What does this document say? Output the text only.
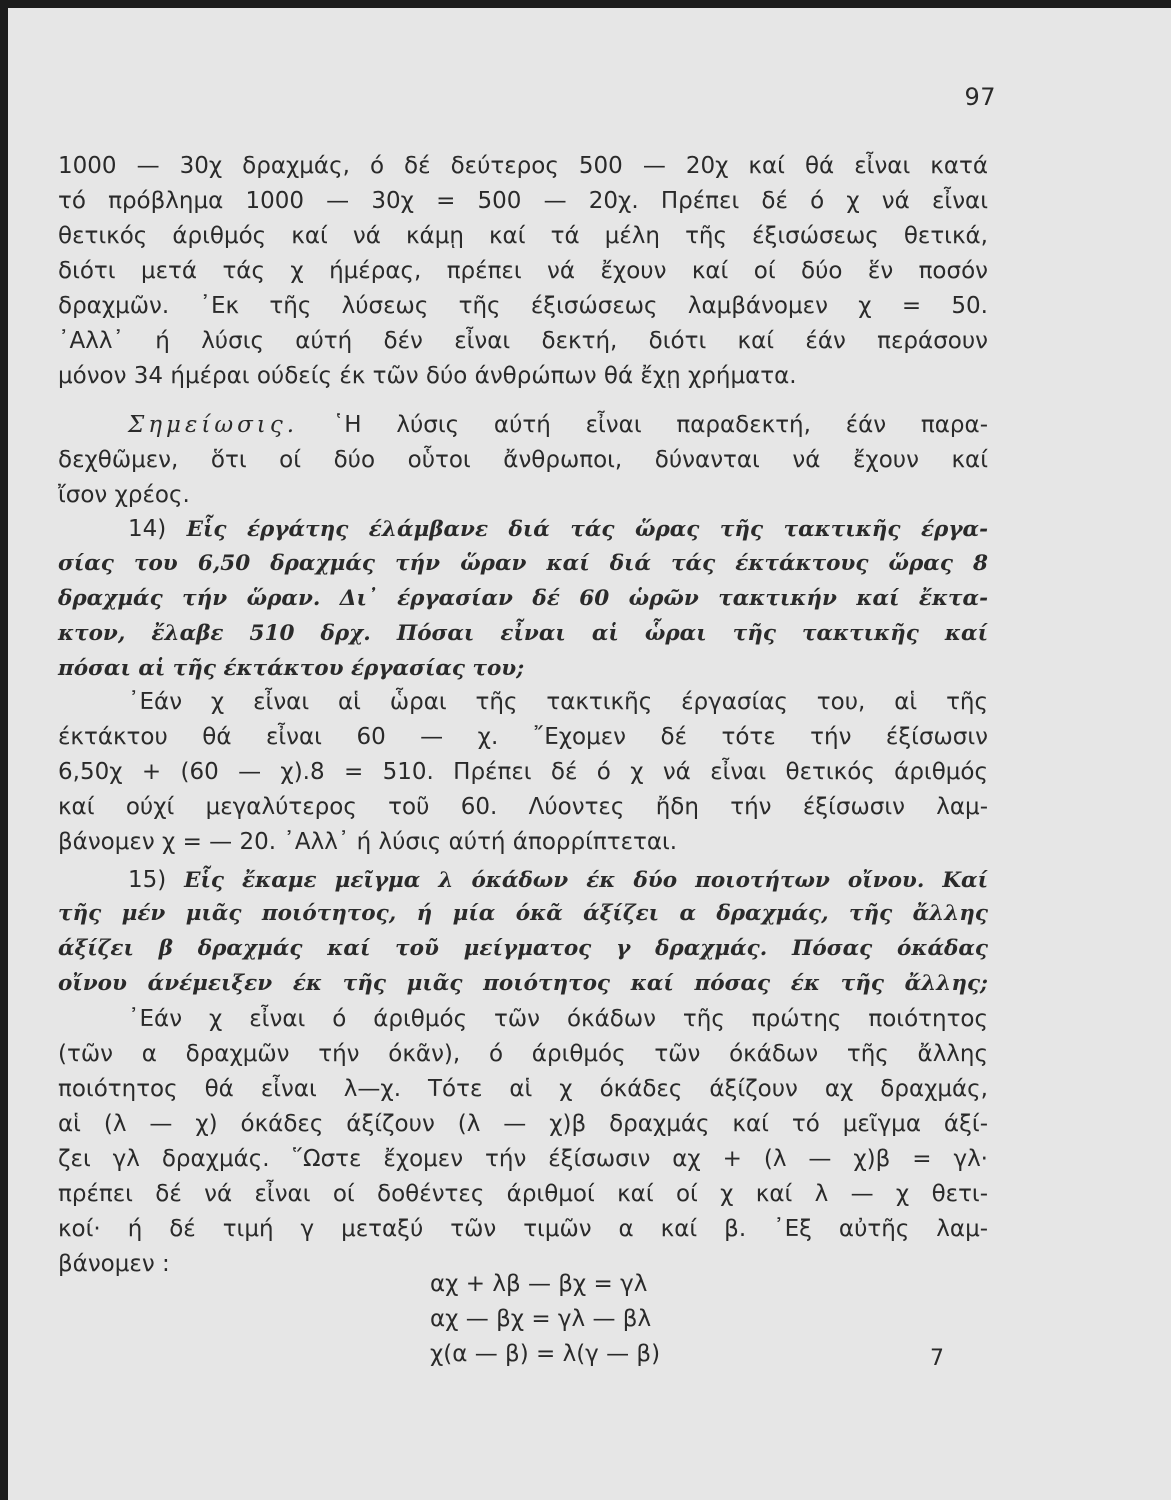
97
1000 — 30χ δραχμάς, ό δέ δεύτερος 500 — 20χ καί θά εἶναι κατά
τό πρόβλημα 1000 — 30χ = 500 — 20χ. Πρέπει δέ ό χ νά εἶναι
θετικός άριθμός καί νά κάμῃ καί τά μέλη τῆς έξισώσεως θετικά,
διότι μετά τάς χ ήμέρας, πρέπει νά ἔχουν καί οί δύο ἕν ποσόν
δραχμῶν. ᾿Εκ τῆς λύσεως τῆς έξισώσεως λαμβάνομεν χ = 50.
᾿Αλλ᾿ ή λύσις αύτή δέν εἶναι δεκτή, διότι καί έάν περάσουν
μόνον 34 ήμέραι ούδείς έκ τῶν δύο άνθρώπων θά ἔχῃ χρήματα.
Σημείωσις. ῾Η λύσις αύτή εἶναι παραδεκτή, έάν παρα-
δεχθῶμεν, ὅτι οί δύο οὗτοι ἄνθρωποι, δύνανται νά ἔχουν καί
ἴσον χρέος.
14) Εἷς έργάτης έλάμβανε διά τάς ὥρας τῆς τακτικῆς έργα-
σίας του 6,50 δραχμάς τήν ὥραν καί διά τάς έκτάκτους ὥρας 8
δραχμάς τήν ὥραν. Δι᾿ έργασίαν δέ 60 ὡρῶν τακτικήν καί ἔκτα-
κτον, ἔλαβε 510 δρχ. Πόσαι εἶναι αἱ ὧραι τῆς τακτικῆς καί
πόσαι αἱ τῆς έκτάκτου έργασίας του;
᾿Εάν χ εἶναι αἱ ὧραι τῆς τακτικῆς έργασίας του, αἱ τῆς
έκτάκτου θά εἶναι 60 — χ. ῎Εχομεν δέ τότε τήν έξίσωσιν
6,50χ + (60 — χ).8 = 510. Πρέπει δέ ό χ νά εἶναι θετικός άριθμός
καί ούχί μεγαλύτερος τοῦ 60. Λύοντες ἤδη τήν έξίσωσιν λαμ-
βάνομεν χ = — 20. ᾿Αλλ᾿ ή λύσις αύτή άπορρίπτεται.
15) Εἷς ἔκαμε μεῖγμα λ όκάδων έκ δύο ποιοτήτων οἴνου. Καί
τῆς μέν μιᾶς ποιότητος, ή μία όκᾶ άξίζει α δραχμάς, τῆς ἄλλης
άξίζει β δραχμάς καί τοῦ μείγματος γ δραχμάς. Πόσας όκάδας
οἴνου άνέμειξεν έκ τῆς μιᾶς ποιότητος καί πόσας έκ τῆς ἄλλης;
᾿Εάν χ εἶναι ό άριθμός τῶν όκάδων τῆς πρώτης ποιότητος
(τῶν α δραχμῶν τήν όκᾶν), ό άριθμός τῶν όκάδων τῆς ἄλλης
ποιότητος θά εἶναι λ—χ. Τότε αἱ χ όκάδες άξίζουν αχ δραχμάς,
αἱ (λ — χ) όκάδες άξίζουν (λ — χ)β δραχμάς καί τό μεῖγμα άξί-
ζει γλ δραχμάς. ῞Ωστε ἔχομεν τήν έξίσωσιν αχ + (λ — χ)β = γλ·
πρέπει δέ νά εἶναι οί δοθέντες άριθμοί καί οί χ καί λ — χ θετι-
κοί· ή δέ τιμή γ μεταξύ τῶν τιμῶν α καί β. ᾿Εξ αὐτῆς λαμ-
βάνομεν :
αχ + λβ — βχ = γλ
αχ — βχ = γλ — βλ
χ(α — β) = λ(γ — β)	7
